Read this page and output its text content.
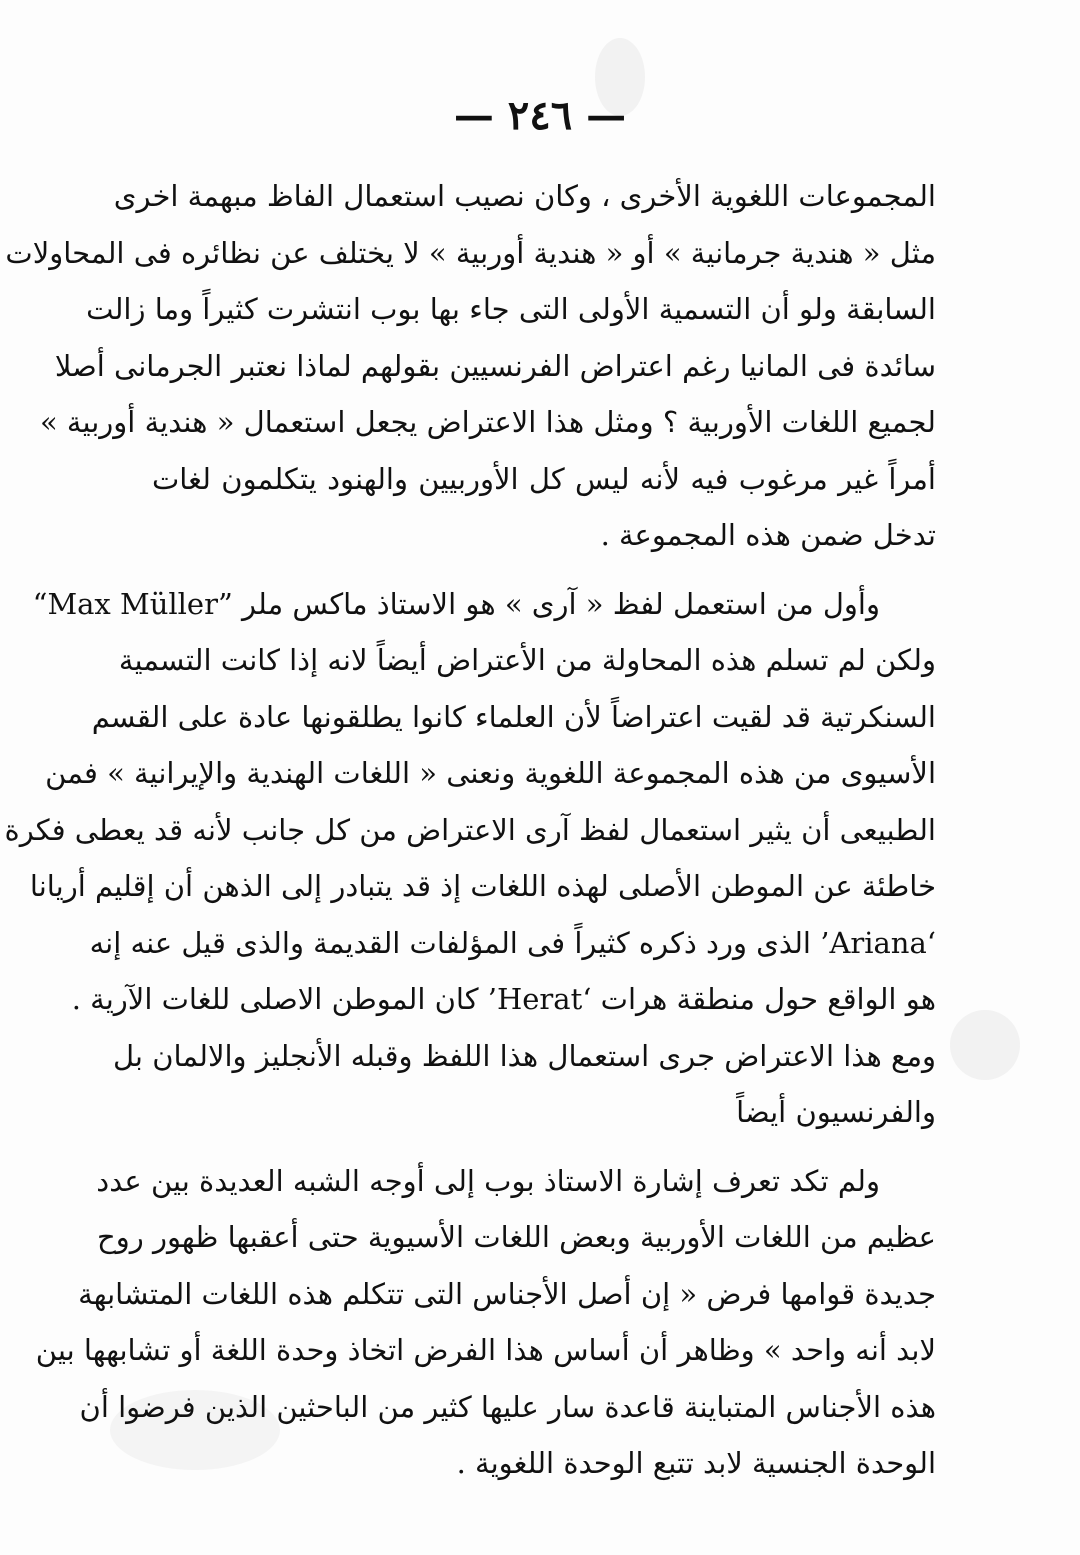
— ٢٤٦ —
المجموعات اللغوية الأخرى ، وكان نصيب استعمال الفاظ مبهمة اخرى
مثل « هندية جرمانية » أو « هندية أوربية » لا يختلف عن نظائره فى المحاولات
السابقة ولو أن التسمية الأولى التى جاء بها بوب انتشرت كثيراً وما زالت
سائدة فى المانيا رغم اعتراض الفرنسيين بقولهم لماذا نعتبر الجرمانى أصلا
لجميع اللغات الأوربية ؟ ومثل هذا الاعتراض يجعل استعمال « هندية أوربية »
أمراً غير مرغوب فيه لأنه ليس كل الأوربيين والهنود يتكلمون لغات
تدخل ضمن هذه المجموعة .
وأول من استعمل لفظ « آرى » هو الاستاذ ماكس ملر ”Max Müller“
ولكن لم تسلم هذه المحاولة من الأعتراض أيضاً لانه إذا كانت التسمية
السنكرتية قد لقيت اعتراضاً لأن العلماء كانوا يطلقونها عادة على القسم
الأسيوى من هذه المجموعة اللغوية ونعنى « اللغات الهندية والإيرانية » فمن
الطبيعى أن يثير استعمال لفظ آرى الاعتراض من كل جانب لأنه قد يعطى فكرة
خاطئة عن الموطن الأصلى لهذه اللغات إذ قد يتبادر إلى الذهن أن إقليم أريانا
‘Ariana’ الذى ورد ذكره كثيراً فى المؤلفات القديمة والذى قيل عنه إنه
هو الواقع حول منطقة هرات ‘Herat’ كان الموطن الاصلى للغات الآرية .
ومع هذا الاعتراض جرى استعمال هذا اللفظ وقبله الأنجليز والالمان بل
والفرنسيون أيضاً
ولم تكد تعرف إشارة الاستاذ بوب إلى أوجه الشبه العديدة بين عدد
عظيم من اللغات الأوربية وبعض اللغات الأسيوية حتى أعقبها ظهور روح
جديدة قوامها فرض « إن أصل الأجناس التى تتكلم هذه اللغات المتشابهة
لابد أنه واحد » وظاهر أن أساس هذا الفرض اتخاذ وحدة اللغة أو تشابهها بين
هذه الأجناس المتباينة قاعدة سار عليها كثير من الباحثين الذين فرضوا أن
الوحدة الجنسية لابد تتبع الوحدة اللغوية .
